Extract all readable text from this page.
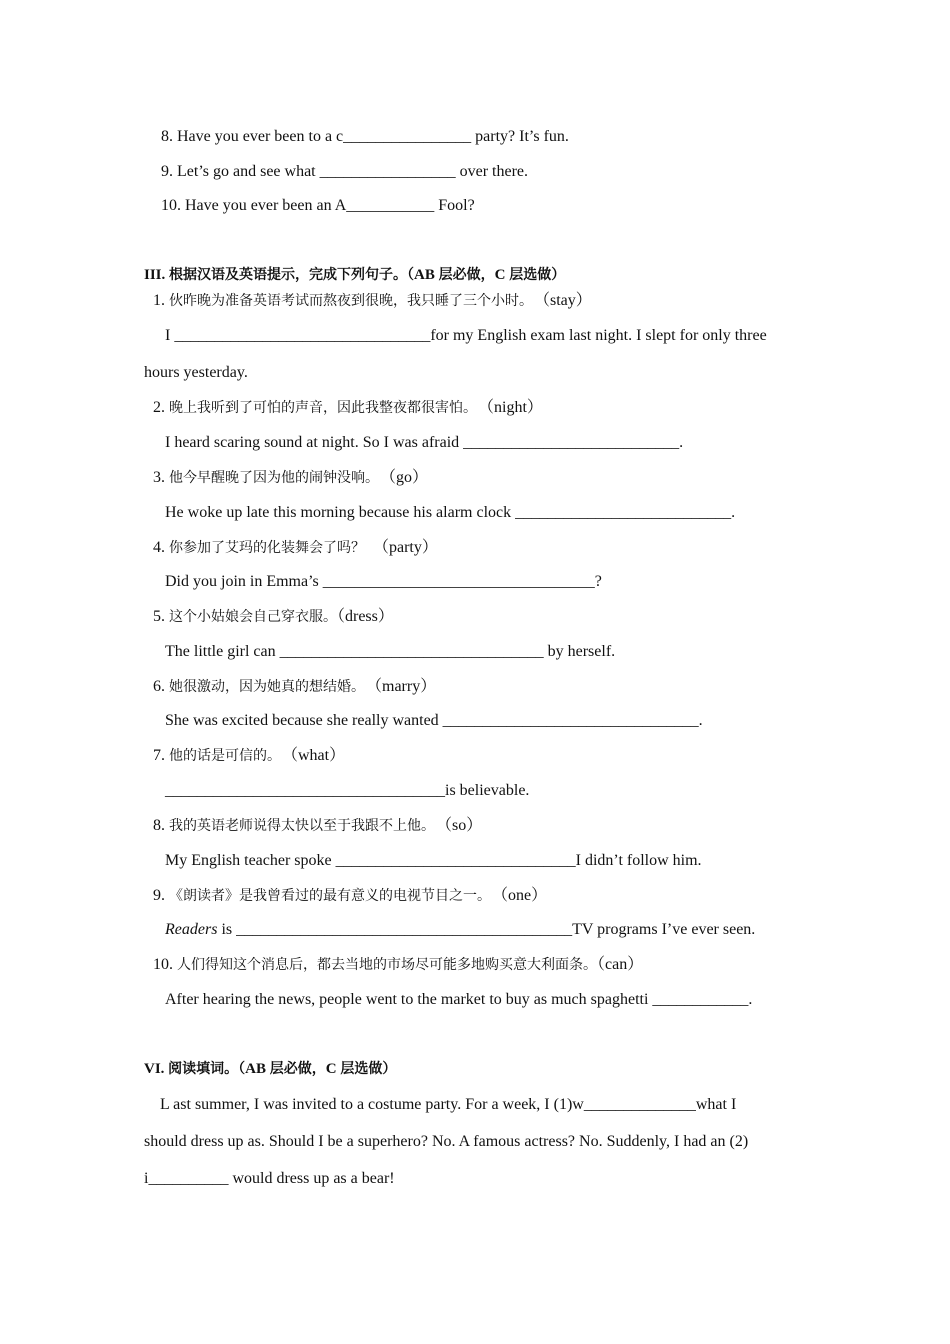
8. Have you ever been to a c________________ party? It’s fun.
9. Let’s go and see what _________________ over there.
10. Have you ever been an A___________ Fool?
III. 根据汉语及英语提示，完成下列句子。（AB 层必做，C 层选做）
1. 伙昨晚为准备英语考试而熬夜到很晚，我只睡了三个小时。　（stay）
I ________________________________for my English exam last night. I slept for only three
hours yesterday.
2. 晚上我听到了可怕的声音，因此我整夜都很害怕。　（night）
I heard scaring sound at night. So I was afraid ___________________________.
3. 他今早醒晚了因为他的闹钟没响。　（go）
He woke up late this morning because his alarm clock ___________________________.
4. 你参加了艾玛的化装舞会了吗？　（party）
Did you join in Emma’s __________________________________?
5. 这个小姑娘会自己穿衣服。（dress）
The little girl can _________________________________ by herself.
6. 她很激动，因为她真的想结婚。　（marry）
She was excited because she really wanted ________________________________.
7. 他的话是可信的。　（what）
___________________________________is believable.
8. 我的英语老师说得太快以至于我跟不上他。　（so）
My English teacher spoke ______________________________I didn’t follow him.
9. 《朗读者》是我曾看过的最有意义的电视节目之一。　（one）
Readers is __________________________________________TV programs I’ve ever seen.
10. 人们得知这个消息后，都去当地的市场尽可能多地购买意大利面条。（can）
After hearing the news, people went to the market to buy as much spaghetti ____________.
VI. 阅读填词。（AB 层必做，C 层选做）
L ast summer, I was invited to a costume party. For a week, I (1)w______________what I
should dress up as. Should I be a superhero? No. A famous actress? No. Suddenly, I had an (2)
i__________ would dress up as a bear!
